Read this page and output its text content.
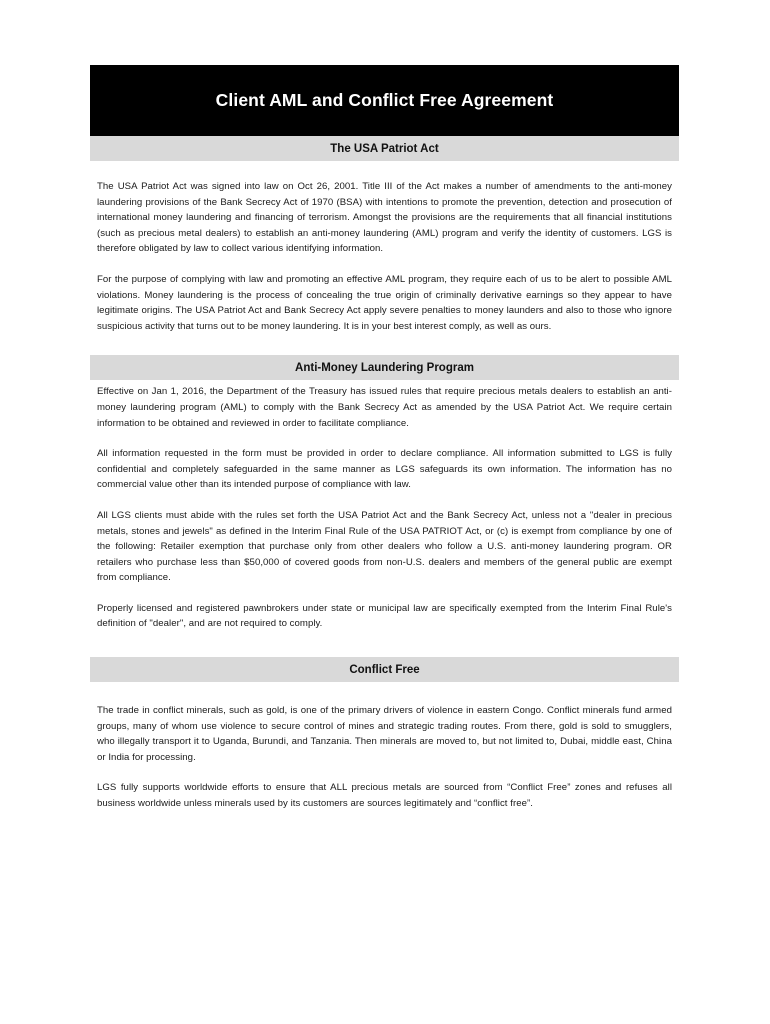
Client AML and Conflict Free Agreement
The USA Patriot Act

The USA Patriot Act was signed into law on Oct 26, 2001. Title III of the Act makes a number of amendments to the anti-money laundering provisions of the Bank Secrecy Act of 1970 (BSA) with intentions to promote the prevention, detection and prosecution of international money laundering and financing of terrorism. Amongst the provisions are the requirements that all financial institutions (such as precious metal dealers) to establish an anti-money laundering (AML) program and verify the identity of customers. LGS is therefore obligated by law to collect various identifying information.

For the purpose of complying with law and promoting an effective AML program, they require each of us to be alert to possible AML violations. Money laundering is the process of concealing the true origin of criminally derivative earnings so they appear to have legitimate origins. The USA Patriot Act and Bank Secrecy Act apply severe penalties to money launders and also to those who ignore suspicious activity that turns out to be money laundering. It is in your best interest comply, as well as ours.

Anti-Money Laundering Program

Effective on Jan 1, 2016, the Department of the Treasury has issued rules that require precious metals dealers to establish an anti-money laundering program (AML) to comply with the Bank Secrecy Act as amended by the USA Patriot Act. We require certain information to be obtained and reviewed in order to facilitate compliance.

All information requested in the form must be provided in order to declare compliance. All information submitted to LGS is fully confidential and completely safeguarded in the same manner as LGS safeguards its own information. The information has no commercial value other than its intended purpose of compliance with law.

All LGS clients must abide with the rules set forth the USA Patriot Act and the Bank Secrecy Act, unless not a "dealer in precious metals, stones and jewels" as defined in the Interim Final Rule of the USA PATRIOT Act, or (c) is exempt from compliance by one of the following: Retailer exemption that purchase only from other dealers who follow a U.S. anti-money laundering program. OR retailers who purchase less than $50,000 of covered goods from non-U.S. dealers and members of the general public are exempt from compliance.

Properly licensed and registered pawnbrokers under state or municipal law are specifically exempted from the Interim Final Rule's definition of "dealer", and are not required to comply.

Conflict Free

The trade in conflict minerals, such as gold, is one of the primary drivers of violence in eastern Congo. Conflict minerals fund armed groups, many of whom use violence to secure control of mines and strategic trading routes. From there, gold is sold to smugglers, who illegally transport it to Uganda, Burundi, and Tanzania. Then minerals are moved to, but not limited to, Dubai, middle east, China or India for processing.

LGS fully supports worldwide efforts to ensure that ALL precious metals are sourced from “Conflict Free” zones and refuses all business worldwide unless minerals used by its customers are sources legitimately and “conflict free”.
